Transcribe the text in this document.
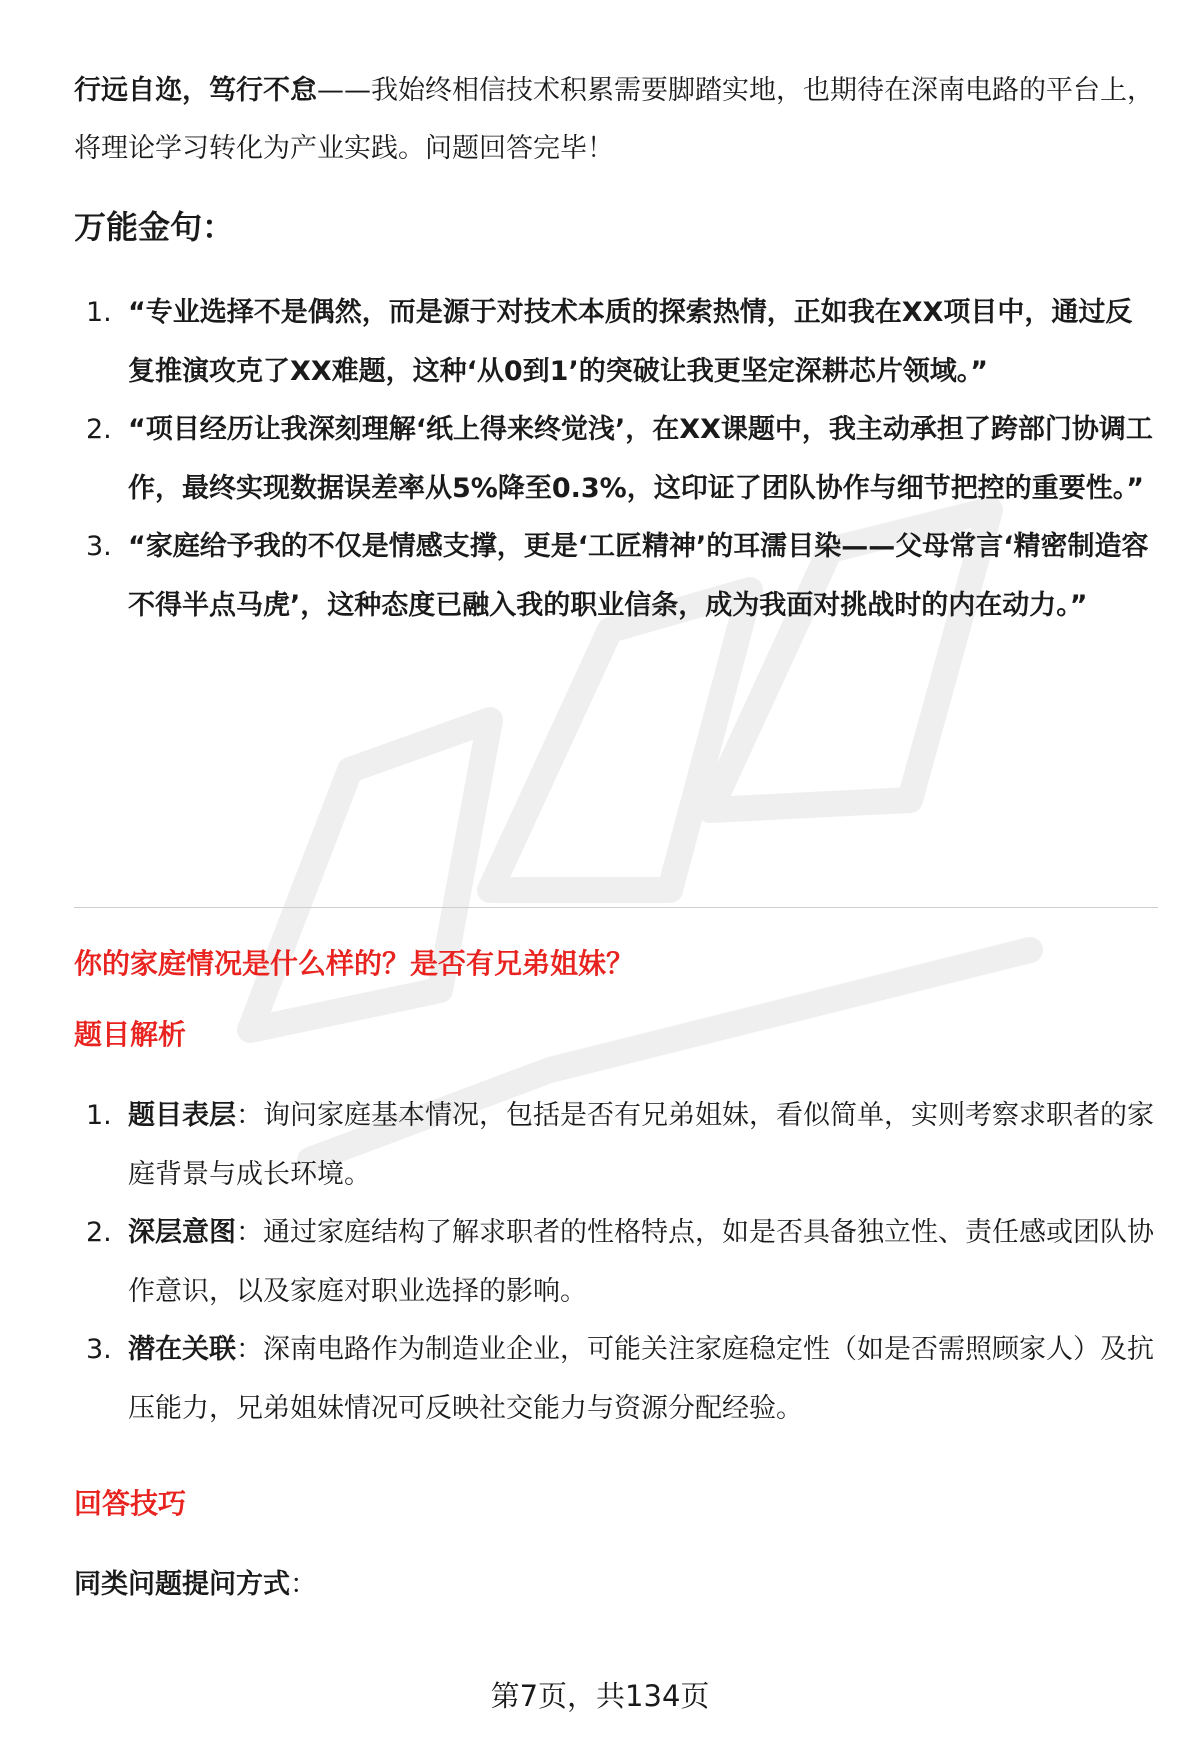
行远自迩，笃行不怠——我始终相信技术积累需要脚踏实地，也期待在深南电路的平台上，将理论学习转化为产业实践。问题回答完毕！

万能金句：
1. “专业选择不是偶然，而是源于对技术本质的探索热情，正如我在XX项目中，通过反复推演攻克了XX难题，这种‘从0到1’的突破让我更坚定深耕芯片领域。”
2. “项目经历让我深刻理解‘纸上得来终觉浅’，在XX课题中，我主动承担了跨部门协调工作，最终实现数据误差率从5%降至0.3%，这印证了团队协作与细节把控的重要性。”
3. “家庭给予我的不仅是情感支撑，更是‘工匠精神’的耳濡目染——父母常言‘精密制造容不得半点马虎’，这种态度已融入我的职业信条，成为我面对挑战时的内在动力。”
你的家庭情况是什么样的？是否有兄弟姐妹？
题目解析
1. 题目表层：询问家庭基本情况，包括是否有兄弟姐妹，看似简单，实则考察求职者的家庭背景与成长环境。
2. 深层意图：通过家庭结构了解求职者的性格特点，如是否具备独立性、责任感或团队协作意识，以及家庭对职业选择的影响。
3. 潜在关联：深南电路作为制造业企业，可能关注家庭稳定性（如是否需照顾家人）及抗压能力，兄弟姐妹情况可反映社交能力与资源分配经验。
回答技巧

同类问题提问方式：

第7页，共134页
